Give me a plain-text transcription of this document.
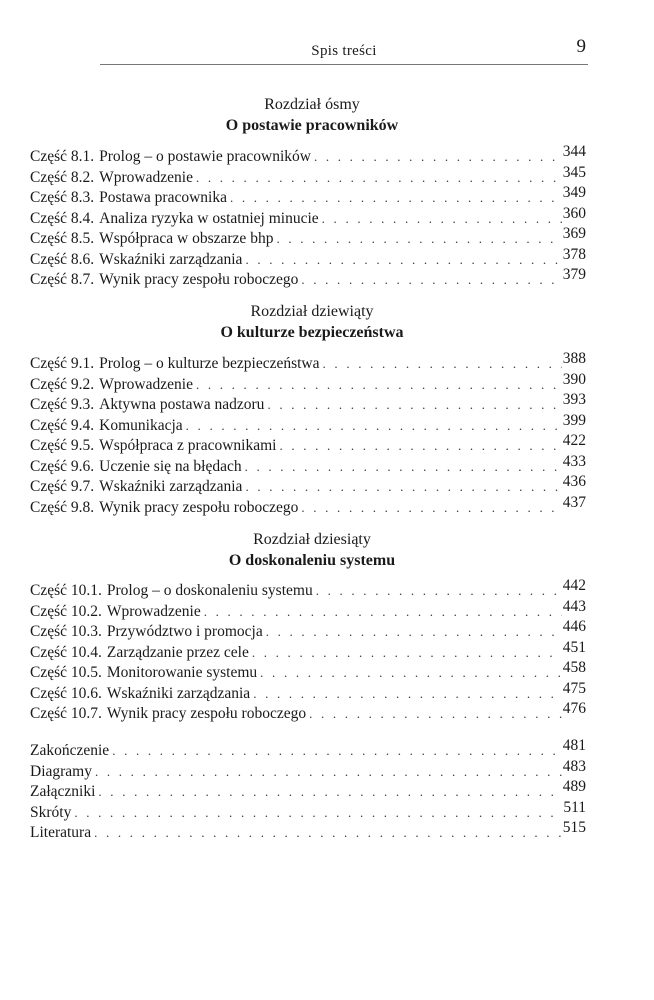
Spis treści	9
Rozdział ósmy
O postawie pracowników
Część 8.1. Prolog – o postawie pracowników . . .	344
Część 8.2. Wprowadzenie . . .	345
Część 8.3. Postawa pracownika . . .	349
Część 8.4. Analiza ryzyka w ostatniej minucie . . .	360
Część 8.5. Współpraca w obszarze bhp . . .	369
Część 8.6. Wskaźniki zarządzania . . .	378
Część 8.7. Wynik pracy zespołu roboczego . . .	379
Rozdział dziewiąty
O kulturze bezpieczeństwa
Część 9.1. Prolog – o kulturze bezpieczeństwa . . .	388
Część 9.2. Wprowadzenie . . .	390
Część 9.3. Aktywna postawa nadzoru . . .	393
Część 9.4. Komunikacja . . .	399
Część 9.5. Współpraca z pracownikami . . .	422
Część 9.6. Uczenie się na błędach . . .	433
Część 9.7. Wskaźniki zarządzania . . .	436
Część 9.8. Wynik pracy zespołu roboczego . . .	437
Rozdział dziesiąty
O doskonaleniu systemu
Część 10.1. Prolog – o doskonaleniu systemu . . .	442
Część 10.2. Wprowadzenie . . .	443
Część 10.3. Przywództwo i promocja . . .	446
Część 10.4. Zarządzanie przez cele . . .	451
Część 10.5. Monitorowanie systemu . . .	458
Część 10.6. Wskaźniki zarządzania . . .	475
Część 10.7. Wynik pracy zespołu roboczego . . .	476
Zakończenie . . .	481
Diagramy . . .	483
Załączniki . . .	489
Skróty . . .	511
Literatura . . .	515
